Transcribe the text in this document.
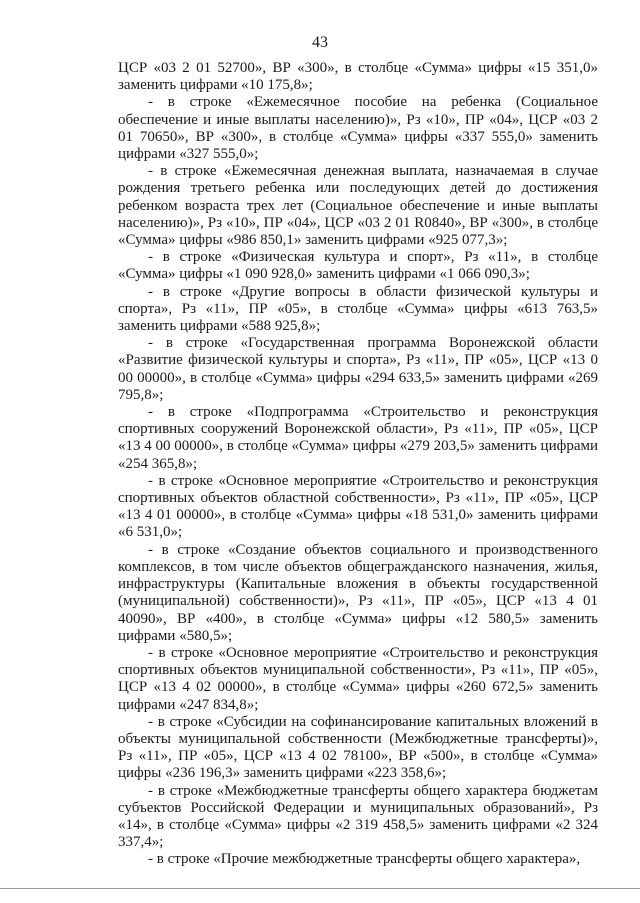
43

ЦСР «03 2 01 52700», ВР «300», в столбце «Сумма» цифры «15 351,0» заменить цифрами «10 175,8»;

- в строке «Ежемесячное пособие на ребенка (Социальное обеспечение и иные выплаты населению)», Рз «10», ПР «04», ЦСР «03 2 01 70650», ВР «300», в столбце «Сумма» цифры «337 555,0» заменить цифрами «327 555,0»;

- в строке «Ежемесячная денежная выплата, назначаемая в случае рождения третьего ребенка или последующих детей до достижения ребенком возраста трех лет (Социальное обеспечение и иные выплаты населению)», Рз «10», ПР «04», ЦСР «03 2 01 R0840», ВР «300», в столбце «Сумма» цифры «986 850,1» заменить цифрами «925 077,3»;

- в строке «Физическая культура и спорт», Рз «11», в столбце «Сумма» цифры «1 090 928,0» заменить цифрами «1 066 090,3»;

- в строке «Другие вопросы в области физической культуры и спорта», Рз «11», ПР «05», в столбце «Сумма» цифры «613 763,5» заменить цифрами «588 925,8»;

- в строке «Государственная программа Воронежской области «Развитие физической культуры и спорта», Рз «11», ПР «05», ЦСР «13 0 00 00000», в столбце «Сумма» цифры «294 633,5» заменить цифрами «269 795,8»;

- в строке «Подпрограмма «Строительство и реконструкция спортивных сооружений Воронежской области», Рз «11», ПР «05», ЦСР «13 4 00 00000», в столбце «Сумма» цифры «279 203,5» заменить цифрами «254 365,8»;

- в строке «Основное мероприятие «Строительство и реконструкция спортивных объектов областной собственности», Рз «11», ПР «05», ЦСР «13 4 01 00000», в столбце «Сумма» цифры «18 531,0» заменить цифрами «6 531,0»;

- в строке «Создание объектов социального и производственного комплексов, в том числе объектов общегражданского назначения, жилья, инфраструктуры (Капитальные вложения в объекты государственной (муниципальной) собственности)», Рз «11», ПР «05», ЦСР «13 4 01 40090», ВР «400», в столбце «Сумма» цифры «12 580,5» заменить цифрами «580,5»;

- в строке «Основное мероприятие «Строительство и реконструкция спортивных объектов муниципальной собственности», Рз «11», ПР «05», ЦСР «13 4 02 00000», в столбце «Сумма» цифры «260 672,5» заменить цифрами «247 834,8»;

- в строке «Субсидии на софинансирование капитальных вложений в объекты муниципальной собственности (Межбюджетные трансферты)», Рз «11», ПР «05», ЦСР «13 4 02 78100», ВР «500», в столбце «Сумма» цифры «236 196,3» заменить цифрами «223 358,6»;

- в строке «Межбюджетные трансферты общего характера бюджетам субъектов Российской Федерации и муниципальных образований», Рз «14», в столбце «Сумма» цифры «2 319 458,5» заменить цифрами «2 324 337,4»;

- в строке «Прочие межбюджетные трансферты общего характера»,
